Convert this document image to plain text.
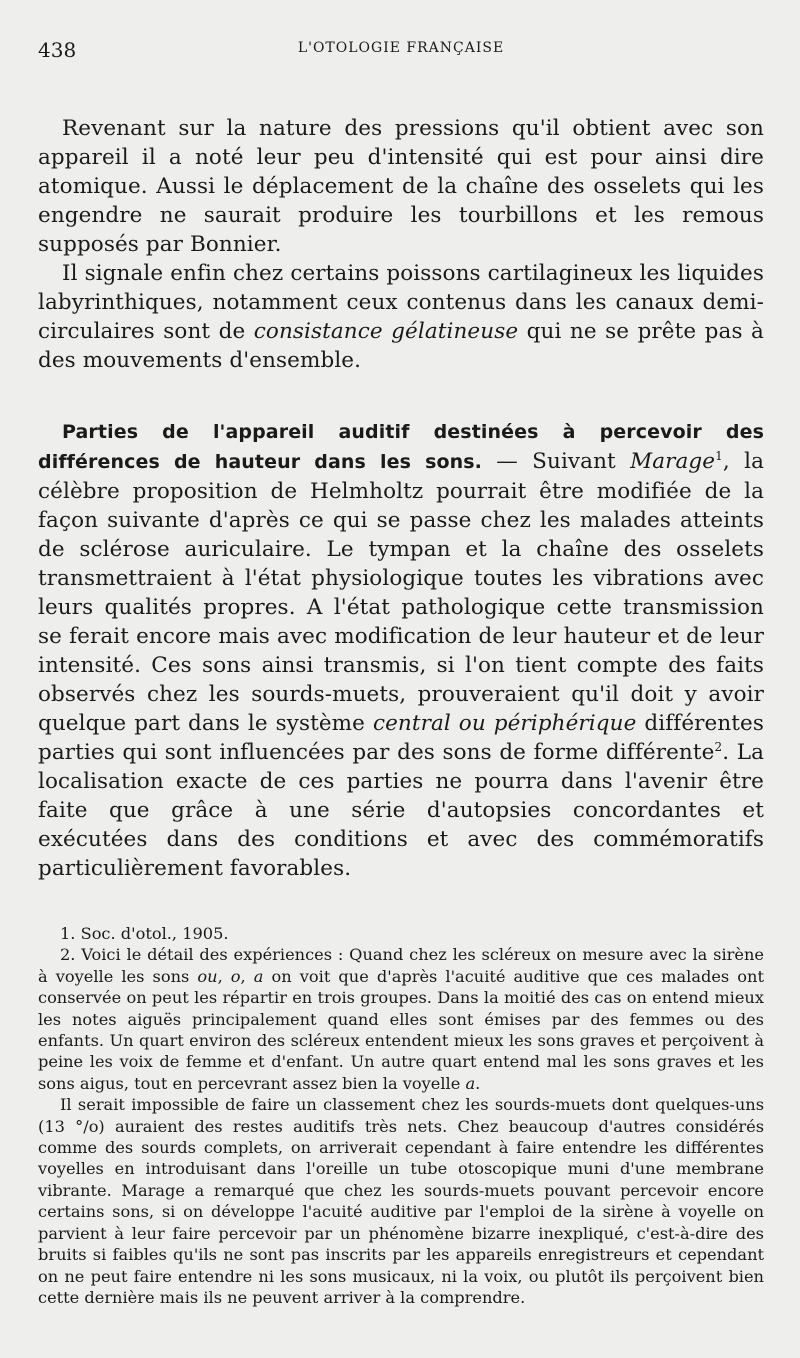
438	L'OTOLOGIE FRANÇAISE

Revenant sur la nature des pressions qu'il obtient avec son appareil il a noté leur peu d'intensité qui est pour ainsi dire atomique. Aussi le déplacement de la chaîne des osselets qui les engendre ne saurait produire les tourbillons et les remous supposés par Bonnier.

Il signale enfin chez certains poissons cartilagineux les liquides labyrinthiques, notamment ceux contenus dans les canaux demi-circulaires sont de consistance gélatineuse qui ne se prête pas à des mouvements d'ensemble.

Parties de l'appareil auditif destinées à percevoir des différences de hauteur dans les sons. — Suivant Marage$^1$, la célèbre proposition de Helmholtz pourrait être modifiée de la façon suivante d'après ce qui se passe chez les malades atteints de sclérose auriculaire. Le tympan et la chaîne des osselets transmettraient à l'état physiologique toutes les vibrations avec leurs qualités propres. A l'état pathologique cette transmission se ferait encore mais avec modification de leur hauteur et de leur intensité. Ces sons ainsi transmis, si l'on tient compte des faits observés chez les sourds-muets, prouveraient qu'il doit y avoir quelque part dans le système central ou périphérique différentes parties qui sont influencées par des sons de forme différente$^2$. La localisation exacte de ces parties ne pourra dans l'avenir être faite que grâce à une série d'autopsies concordantes et exécutées dans des conditions et avec des commémoratifs particulièrement favorables.

1. Soc. d'otol., 1905.

2. Voici le détail des expériences : Quand chez les scléreux on mesure avec la sirène à voyelle les sons ou, o, a on voit que d'après l'acuité auditive que ces malades ont conservée on peut les répartir en trois groupes. Dans la moitié des cas on entend mieux les notes aiguës principalement quand elles sont émises par des femmes ou des enfants. Un quart environ des scléreux entendent mieux les sons graves et perçoivent à peine les voix de femme et d'enfant. Un autre quart entend mal les sons graves et les sons aigus, tout en percevrant assez bien la voyelle a.

Il serait impossible de faire un classement chez les sourds-muets dont quelques-uns (13 °/o) auraient des restes auditifs très nets. Chez beaucoup d'autres considérés comme des sourds complets, on arriverait cependant à faire entendre les différentes voyelles en introduisant dans l'oreille un tube otoscopique muni d'une membrane vibrante. Marage a remarqué que chez les sourds-muets pouvant percevoir encore certains sons, si on développe l'acuité auditive par l'emploi de la sirène à voyelle on parvient à leur faire percevoir par un phénomène bizarre inexpliqué, c'est-à-dire des bruits si faibles qu'ils ne sont pas inscrits par les appareils enregistreurs et cependant on ne peut faire entendre ni les sons musicaux, ni la voix, ou plutôt ils perçoivent bien cette dernière mais ils ne peuvent arriver à la comprendre.
